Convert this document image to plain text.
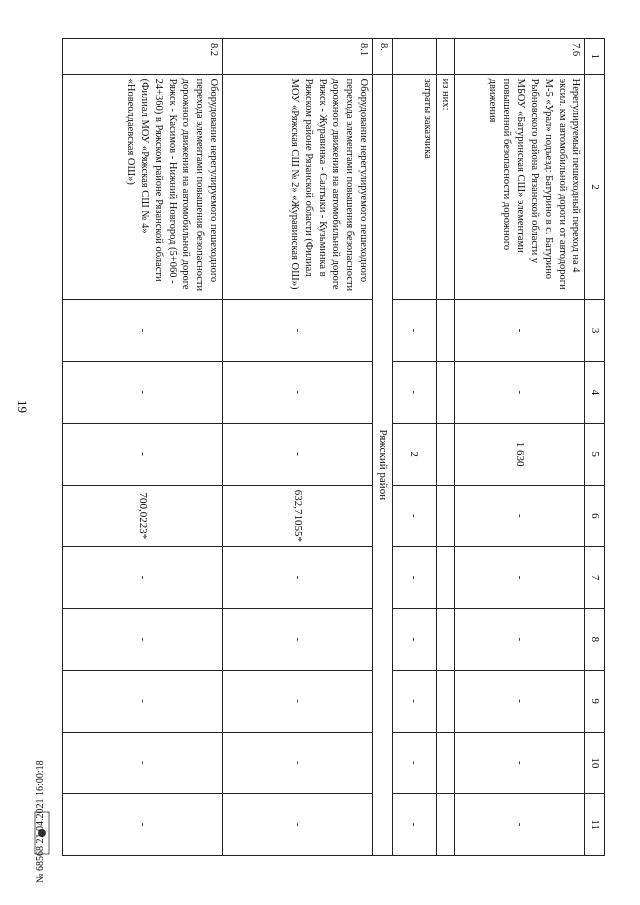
19
1	2	3	4	5	6	7	8	9	10	11
7.6	Нерегулируемый пешеходный переход на 4 эксил. км автомобильной дороги от автодороги М-5 «Урал» подъезд: Батурино в с. Батурино Рыбновского района Рязанской области у МБОУ «Батуринская СШ» элементами повышенной безопасности дорожного движения	-	-	1 630	-	-	-	-	-	-
	из них:									
	затраты заказчика	-	-	2	-	-	-	-	-	-
8.	Ряжский район									
8.1	Оборудование нерегулируемого пешеходного перехода элементами повышения безопасности дорожного движения на автомобильной дороге Ряжск - Журавинка - Салтыки - Кузьминка в Ряжском районе Рязанской области (Филиал МОУ «Ряжская СШ № 2» «Журавинская ОШ»)	-	-	-	632,71055*	-	-	-	-	-
8.2	Оборудование нерегулируемого пешеходного перехода элементами повышения безопасности дорожного движения на автомобильной дороге Ряжск - Касимов - Нижний Новгород (5+060 - 24+360) в Ряжском районе Рязанской области (Филиал МОУ «Ряжская СШ № 4» «Новеолдаевская ОШ»)	-	-	-	700,0223*	-	-	-	-	-
№ 68568 21.04.2021 16:00:18
